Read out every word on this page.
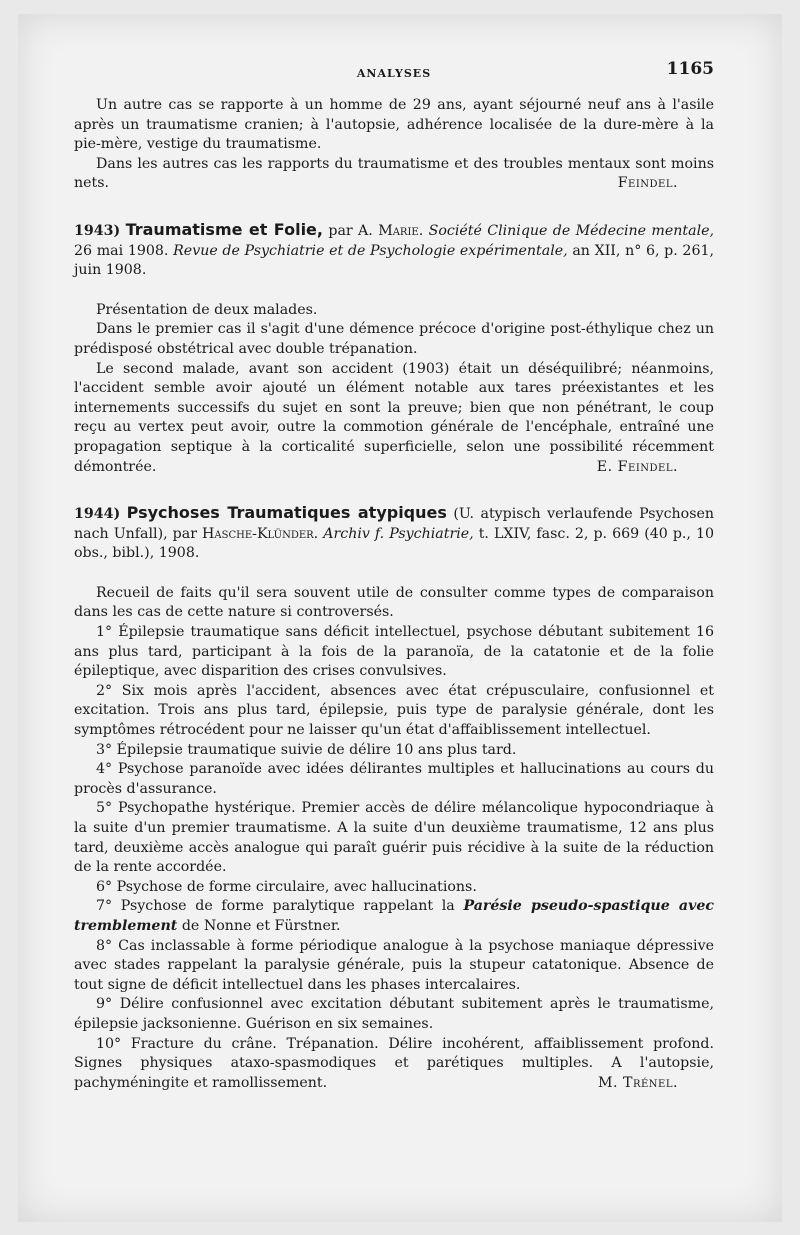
ANALYSES	1165

Un autre cas se rapporte à un homme de 29 ans, ayant séjourné neuf ans à l'asile après un traumatisme cranien; à l'autopsie, adhérence localisée de la dure-mère à la pie-mère, vestige du traumatisme.

Dans les autres cas les rapports du traumatisme et des troubles mentaux sont moins nets.	Feindel.

1943) Traumatisme et Folie, par A. Marie. Société Clinique de Médecine mentale, 26 mai 1908. Revue de Psychiatrie et de Psychologie expérimentale, an XII, n° 6, p. 261, juin 1908.

Présentation de deux malades.

Dans le premier cas il s'agit d'une démence précoce d'origine post-éthylique chez un prédisposé obstétrical avec double trépanation.

Le second malade, avant son accident (1903) était un déséquilibré; néanmoins, l'accident semble avoir ajouté un élément notable aux tares préexistantes et les internements successifs du sujet en sont la preuve; bien que non pénétrant, le coup reçu au vertex peut avoir, outre la commotion générale de l'encéphale, entraîné une propagation septique à la corticalité superficielle, selon une possibilité récemment démontrée.	E. Feindel.

1944) Psychoses Traumatiques atypiques (U. atypisch verlaufende Psychosen nach Unfall), par Hasche-Klünder. Archiv f. Psychiatrie, t. LXIV, fasc. 2, p. 669 (40 p., 10 obs., bibl.), 1908.

Recueil de faits qu'il sera souvent utile de consulter comme types de comparaison dans les cas de cette nature si controversés.

1° Épilepsie traumatique sans déficit intellectuel, psychose débutant subitement 16 ans plus tard, participant à la fois de la paranoïa, de la catatonie et de la folie épileptique, avec disparition des crises convulsives.

2° Six mois après l'accident, absences avec état crépusculaire, confusionnel et excitation. Trois ans plus tard, épilepsie, puis type de paralysie générale, dont les symptômes rétrocédent pour ne laisser qu'un état d'affaiblissement intellectuel.

3° Épilepsie traumatique suivie de délire 10 ans plus tard.

4° Psychose paranoïde avec idées délirantes multiples et hallucinations au cours du procès d'assurance.

5° Psychopathe hystérique. Premier accès de délire mélancolique hypocondriaque à la suite d'un premier traumatisme. A la suite d'un deuxième traumatisme, 12 ans plus tard, deuxième accès analogue qui paraît guérir puis récidive à la suite de la réduction de la rente accordée.

6° Psychose de forme circulaire, avec hallucinations.

7° Psychose de forme paralytique rappelant la Parésie pseudo-spastique avec tremblement de Nonne et Fürstner.

8° Cas inclassable à forme périodique analogue à la psychose maniaque dépressive avec stades rappelant la paralysie générale, puis la stupeur catatonique. Absence de tout signe de déficit intellectuel dans les phases intercalaires.

9° Délire confusionnel avec excitation débutant subitement après le traumatisme, épilepsie jacksonienne. Guérison en six semaines.

10° Fracture du crâne. Trépanation. Délire incohérent, affaiblissement profond. Signes physiques ataxo-spasmodiques et parétiques multiples. A l'autopsie, pachyméningite et ramollissement.	M. Trénel.
